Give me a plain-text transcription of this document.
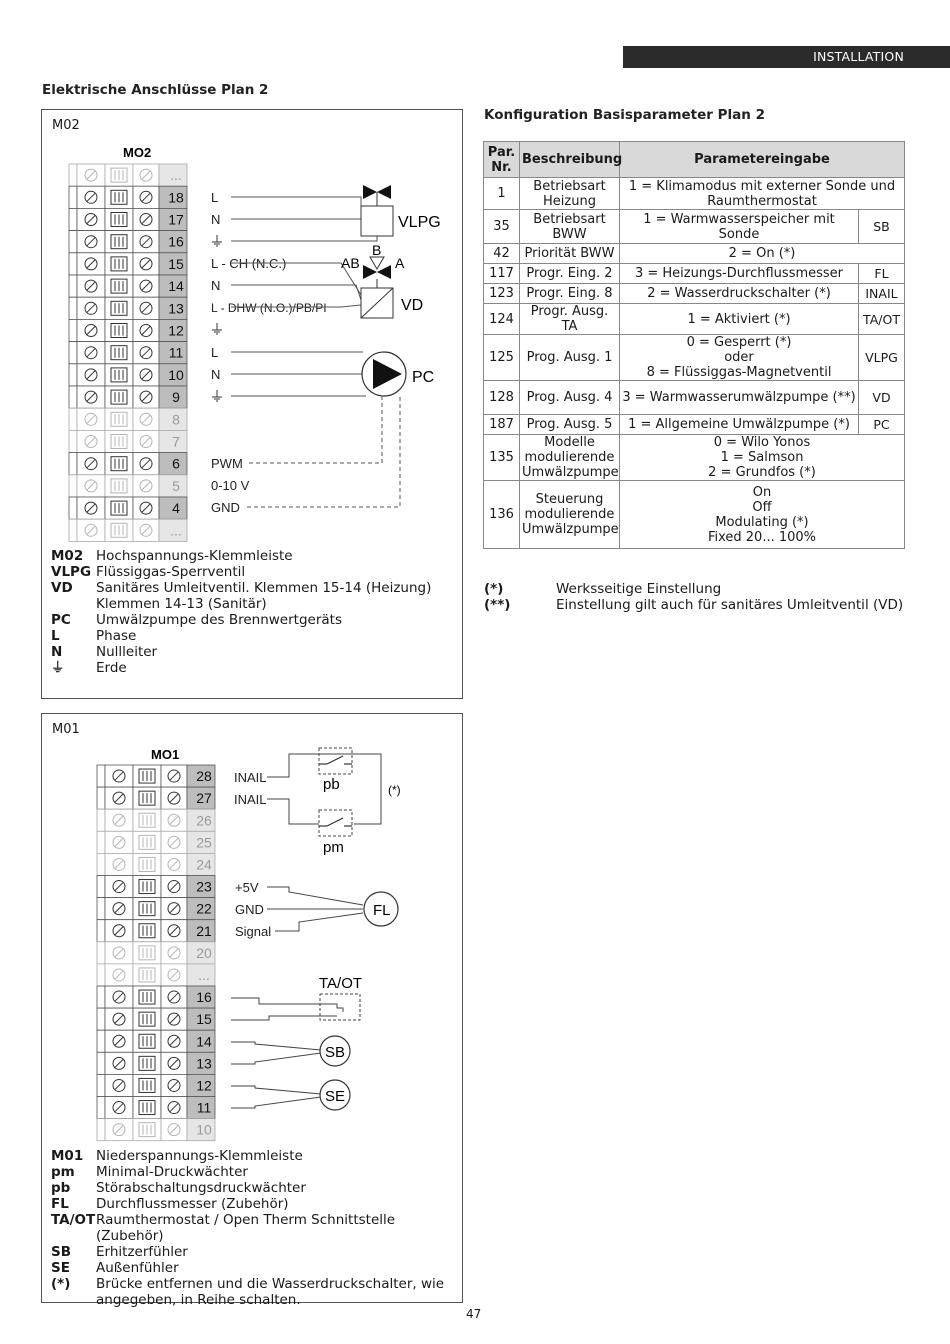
INSTALLATION
Elektrische Anschlüsse Plan 2
Konfiguration Basisparameter Plan 2
M02
MO2
...
18
17
16
15
14
13
12
11
10
9
8
7
6
5
4
...
L
N
L - CH (N.C.)
N
L - DHW (N.O.)/PB/PI
L
N
PWM
0-10 V
GND
VLPG
AB
B
A
VD
PC
M02 Hochspannungs-Klemmleiste
VLPG Flüssiggas-Sperrventil
VD	Sanitäres Umleitventil. Klemmen 15-14 (Heizung)
Klemmen 14-13 (Sanitär)
PC	Umwälzpumpe des Brennwertgeräts
L	Phase
N	Nullleiter
⏚	Erde
M01
MO1
28
27
26
25
24
23
22
21
20
...
16
15
14
13
12
11
10
INAIL
INAIL
+5V
GND
Signal
pb
pm
(*)
FL
TA/OT
SB
SE
M01 Niederspannungs-Klemmleiste
pm	Minimal-Druckwächter
pb	Störabschaltungsdruckwächter
FL	Durchflussmesser (Zubehör)
TA/OT Raumthermostat / Open Therm Schnittstelle (Zubehör)
SB	Erhitzerfühler
SE	Außenfühler
(*)	Brücke entfernen und die Wasserdruckschalter, wie
angegeben, in Reihe schalten.
Par. Nr.	Beschreibung	Parametereingabe	
1	Betriebsart Heizung	1 = Klimamodus mit externer Sonde und Raumthermostat	
35	Betriebsart BWW	1 = Warmwasserspeicher mit Sonde	SB
42	Priorität BWW	2 = On (*)	
117	Progr. Eing. 2	3 = Heizungs-Durchflussmesser	FL
123	Progr. Eing. 8	2 = Wasserdruckschalter (*)	INAIL
124	Progr. Ausg. TA	1 = Aktiviert (*)	TA/OT
125	Prog. Ausg. 1	0 = Gesperrt (*)
oder
8 = Flüssiggas-Magnetventil	VLPG
128	Prog. Ausg. 4	3 = Warmwasserumwälzpumpe (**)	VD
187	Prog. Ausg. 5	1 = Allgemeine Umwälzpumpe (*)	PC
135	Modelle modulierende Umwälzpumpe	0 = Wilo Yonos
1 = Salmson
2 = Grundfos (*)	
136	Steuerung modulierende Umwälzpumpe	On
Off
Modulating (*)
Fixed 20... 100%	
(*)	Werksseitige Einstellung
(**)	Einstellung gilt auch für sanitäres Umleitventil (VD)
47
